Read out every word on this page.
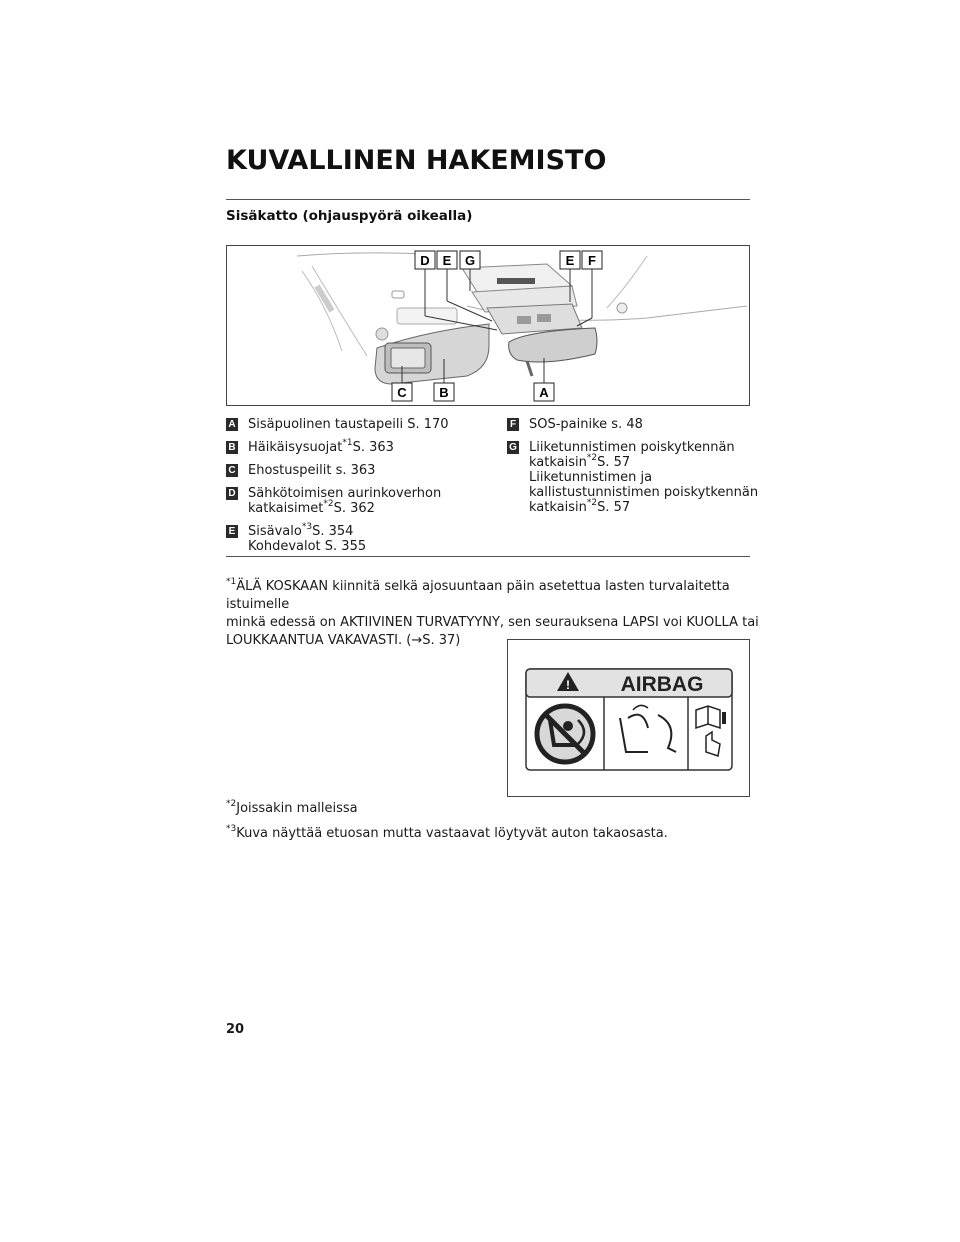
KUVALLINEN HAKEMISTO
Sisäkatto (ohjauspyörä oikealla)
D E G	E F
C	B	A
A Sisäpuolinen taustapeili S. 170
B Häikäisysuojat$^{*1}$S. 363
C Ehostuspeilit s. 363
D Sähkötoimisen aurinkoverhon
katkaisimet$^{*2}$S. 362
E Sisävalo$^{*3}$S. 354
Kohdevalot S. 355
F SOS-painike s. 48
G Liiketunnistimen poiskytkennän
katkaisin$^{*2}$S. 57
Liiketunnistimen ja
kallistustunnistimen poiskytkennän
katkaisin$^{*2}$S. 57
$^{*1}$ÄLÄ KOSKAAN kiinnitä selkä ajosuuntaan päin asetettua lasten turvalaitetta istuimelle
minkä edessä on AKTIIVINEN TURVATYYNY, sen seurauksena LAPSI voi KUOLLA tai
LOUKKAANTUA VAKAVASTI. (→S. 37)
! AIRBAG
$^{*2}$Joissakin malleissa
$^{*3}$Kuva näyttää etuosan mutta vastaavat löytyvät auton takaosasta.
20
